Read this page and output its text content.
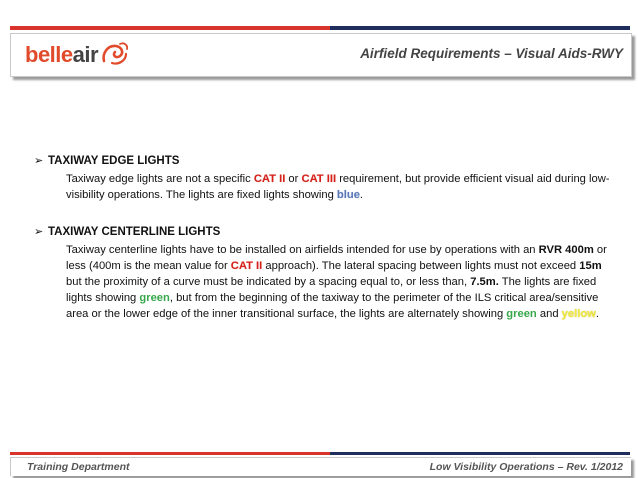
belleair	Airfield Requirements – Visual Aids-RWY
➢ TAXIWAY EDGE LIGHTS
Taxiway edge lights are not a specific CAT II or CAT III requirement, but provide efficient visual aid during low-visibility operations. The lights are fixed lights showing blue.
➢ TAXIWAY CENTERLINE LIGHTS
Taxiway centerline lights have to be installed on airfields intended for use by operations with an RVR 400m or less (400m is the mean value for CAT II approach). The lateral spacing between lights must not exceed 15m but the proximity of a curve must be indicated by a spacing equal to, or less than, 7.5m. The lights are fixed lights showing green, but from the beginning of the taxiway to the perimeter of the ILS critical area/sensitive area or the lower edge of the inner transitional surface, the lights are alternately showing green and yellow.
Training Department	Low Visibility Operations – Rev. 1/2012
